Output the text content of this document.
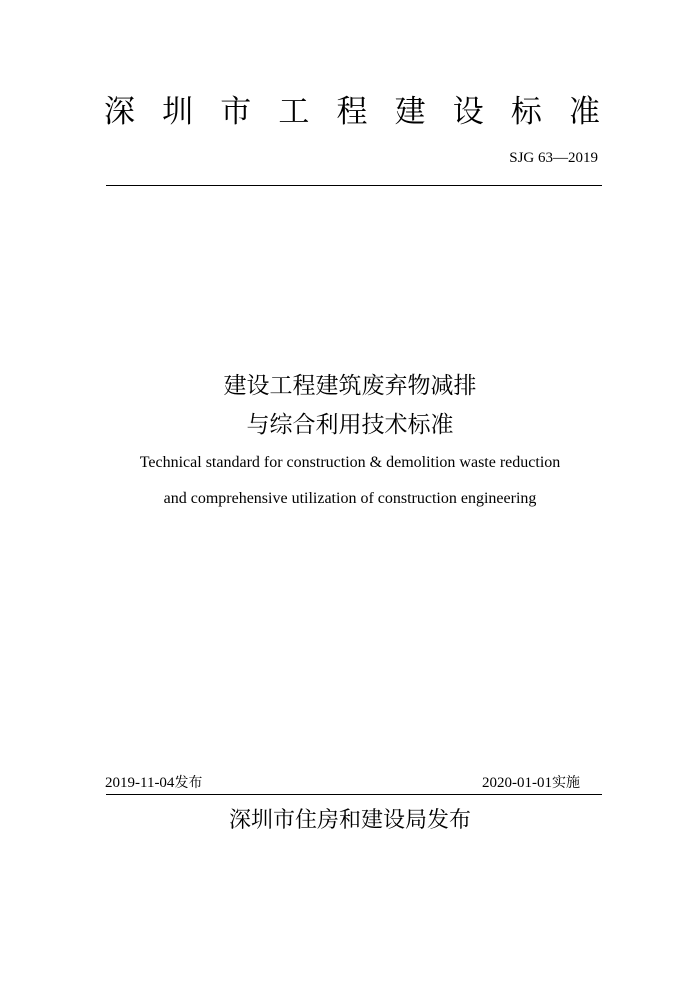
深 圳 市 工 程 建 设 标 准
SJG 63—2019
建设工程建筑废弃物减排
与综合利用技术标准
Technical standard for construction & demolition waste reduction
and comprehensive utilization of construction engineering
2019-11-04发布	2020-01-01实施
深圳市住房和建设局发布
